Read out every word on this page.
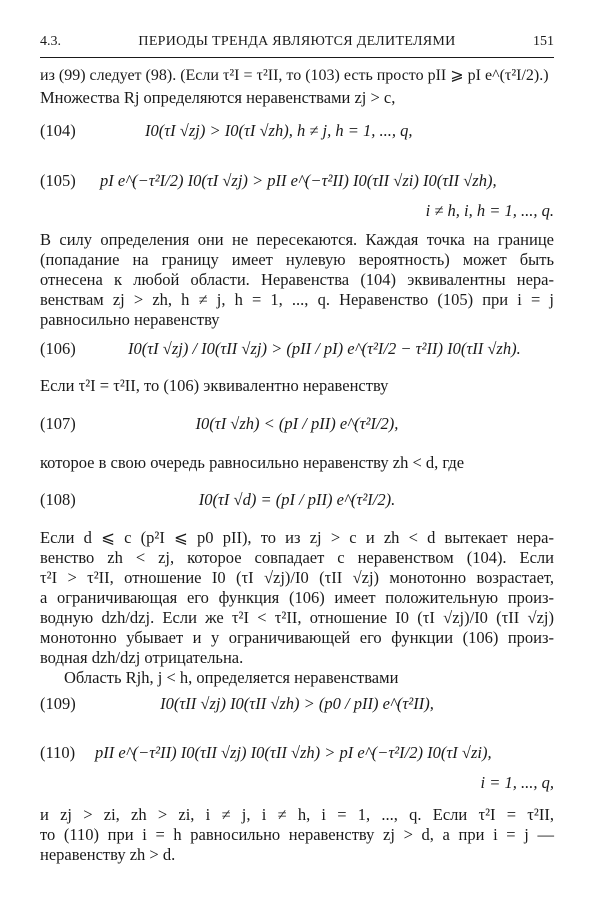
4.3.	ПЕРИОДЫ ТРЕНДА ЯВЛЯЮТСЯ ДЕЛИТЕЛЯМИ	151
из (99) следует (98). (Если τ²I = τ²II, то (103) есть просто pII ⩾ pI e^(τ²I/2).)
Множества Rj определяются неравенствами zj > c,
(104)	I0(τI √zj) > I0(τI √zh), h ≠ j, h = 1, ..., q,
(105) pI e^(−τ²I/2) I0(τI √zj) > pII e^(−τ²II) I0(τII √zi) I0(τII √zh),
i ≠ h, i, h = 1, ..., q.
В силу определения они не пересекаются. Каждая точка на границе
(попадание на границу имеет нулевую вероятность) может быть
отнесена к любой области. Неравенства (104) эквивалентны нера-
венствам zj > zh, h ≠ j, h = 1, ..., q. Неравенство (105) при i = j
равносильно неравенству
(106)	I0(τI √zj) / I0(τII √zj) > (pII / pI) e^(τ²I/2 − τ²II) I0(τII √zh).
Если τ²I = τ²II, то (106) эквивалентно неравенству
(107)	I0(τI √zh) < (pI / pII) e^(τ²I/2),
которое в свою очередь равносильно неравенству zh < d, где
(108)	I0(τI √d) = (pI / pII) e^(τ²I/2).
Если d ⩽ c (p²I ⩽ p0 pII), то из zj > c и zh < d вытекает нера-
венство zh < zj, которое совпадает с неравенством (104). Если
τ²I > τ²II, отношение I0 (τI √zj)/I0 (τII √zj) монотонно возрастает,
а ограничивающая его функция (106) имеет положительную произ-
водную dzh/dzj. Если же τ²I < τ²II, отношение I0 (τI √zj)/I0 (τII √zj)
монотонно убывает и у ограничивающей его функции (106) произ-
водная dzh/dzj отрицательна.
Область Rjh, j < h, определяется неравенствами
(109)	I0(τII √zj) I0(τII √zh) > (p0 / pII) e^(τ²II),
(110) pII e^(−τ²II) I0(τII √zj) I0(τII √zh) > pI e^(−τ²I/2) I0(τI √zi),
i = 1, ..., q,
и zj > zi, zh > zi, i ≠ j, i ≠ h, i = 1, ..., q. Если τ²I = τ²II,
то (110) при i = h равносильно неравенству zj > d, а при i = j —
неравенству zh > d.
